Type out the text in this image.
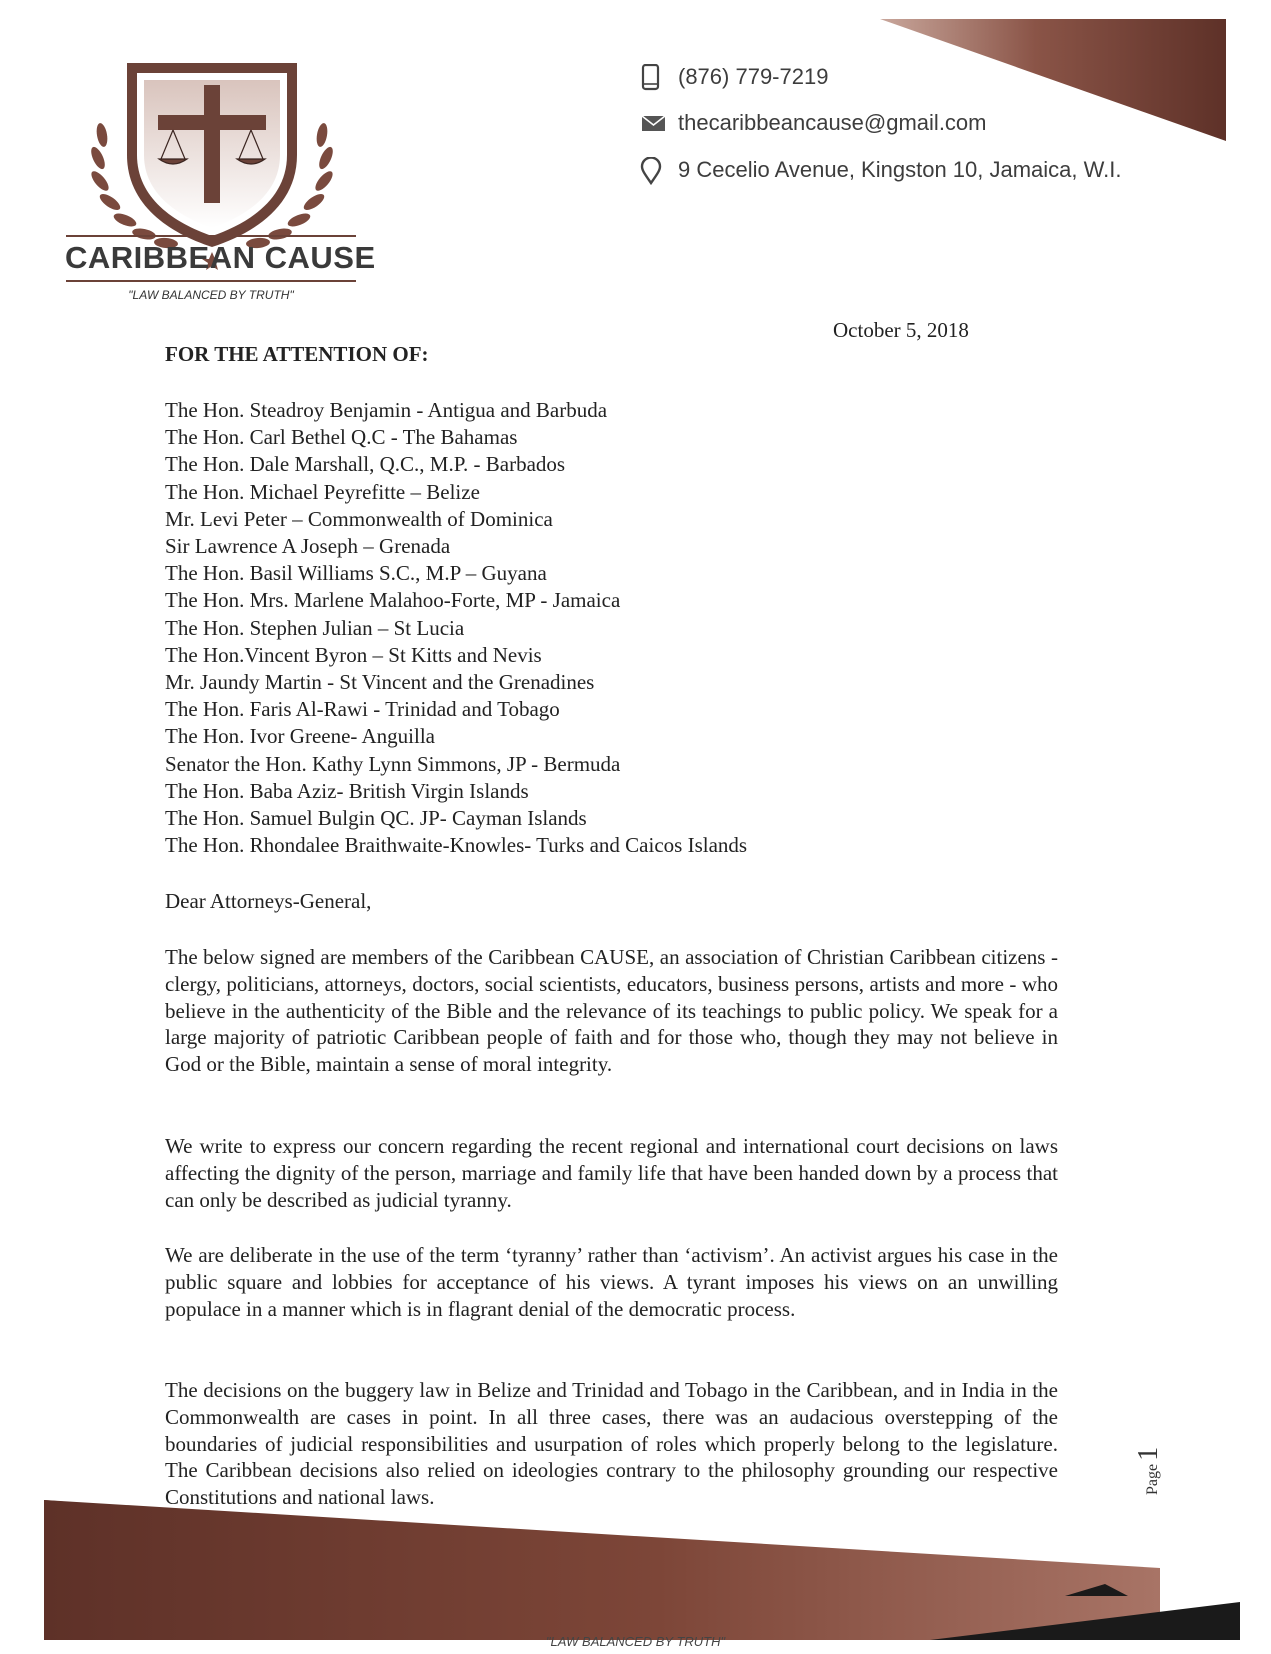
CARIBBEAN CAUSE
"LAW BALANCED BY TRUTH"
(876) 779-7219
thecaribbeancause@gmail.com
9 Cecelio Avenue, Kingston 10, Jamaica, W.I.
October 5, 2018
FOR THE ATTENTION OF:
The Hon. Steadroy Benjamin - Antigua and Barbuda
The Hon. Carl Bethel Q.C - The Bahamas
The Hon. Dale Marshall, Q.C., M.P. - Barbados
The Hon. Michael Peyrefitte – Belize
Mr. Levi Peter – Commonwealth of Dominica
Sir Lawrence A Joseph – Grenada
The Hon. Basil Williams S.C., M.P – Guyana
The Hon. Mrs. Marlene Malahoo-Forte, MP - Jamaica
The Hon. Stephen Julian – St Lucia
The Hon.Vincent Byron – St Kitts and Nevis
Mr. Jaundy Martin - St Vincent and the Grenadines
The Hon. Faris Al-Rawi - Trinidad and Tobago
The Hon. Ivor Greene- Anguilla
Senator the Hon. Kathy Lynn Simmons, JP - Bermuda
The Hon. Baba Aziz- British Virgin Islands
The Hon. Samuel Bulgin QC. JP- Cayman Islands
The Hon. Rhondalee Braithwaite-Knowles- Turks and Caicos Islands
Dear Attorneys-General,

The below signed are members of the Caribbean CAUSE, an association of Christian Caribbean citizens - clergy, politicians, attorneys, doctors, social scientists, educators, business persons, artists and more - who believe in the authenticity of the Bible and the relevance of its teachings to public policy. We speak for a large majority of patriotic Caribbean people of faith and for those who, though they may not believe in God or the Bible, maintain a sense of moral integrity.

We write to express our concern regarding the recent regional and international court decisions on laws affecting the dignity of the person, marriage and family life that have been handed down by a process that can only be described as judicial tyranny.

We are deliberate in the use of the term ‘tyranny’ rather than ‘activism’. An activist argues his case in the public square and lobbies for acceptance of his views. A tyrant imposes his views on an unwilling populace in a manner which is in flagrant denial of the democratic process.

The decisions on the buggery law in Belize and Trinidad and Tobago in the Caribbean, and in India in the Commonwealth are cases in point. In all three cases, there was an audacious overstepping of the boundaries of judicial responsibilities and usurpation of roles which properly belong to the legislature. The Caribbean decisions also relied on ideologies contrary to the philosophy grounding our respective Constitutions and national laws.

Page1
"LAW BALANCED BY TRUTH"
